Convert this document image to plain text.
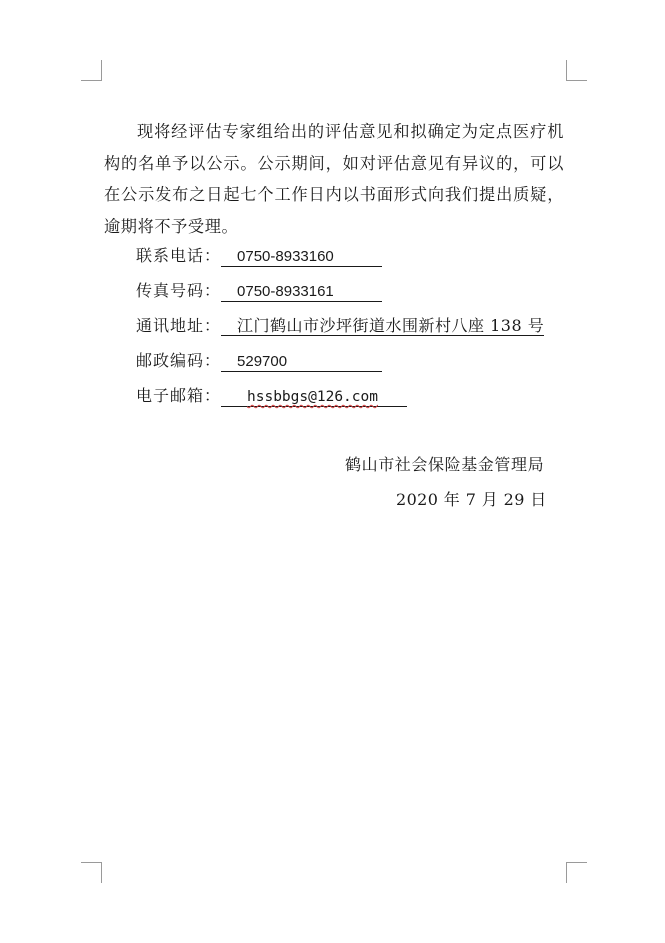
现将经评估专家组给出的评估意见和拟确定为定点医疗机构的名单予以公示。公示期间，如对评估意见有异议的，可以在公示发布之日起七个工作日内以书面形式向我们提出质疑，逾期将不予受理。

联系电话： 0750-8933160
传真号码： 0750-8933161
通讯地址： 江门鹤山市沙坪街道水围新村八座 138 号
邮政编码： 529700
电子邮箱： hssbbgs@126.com
鹤山市社会保险基金管理局
2020 年 7 月 29 日
